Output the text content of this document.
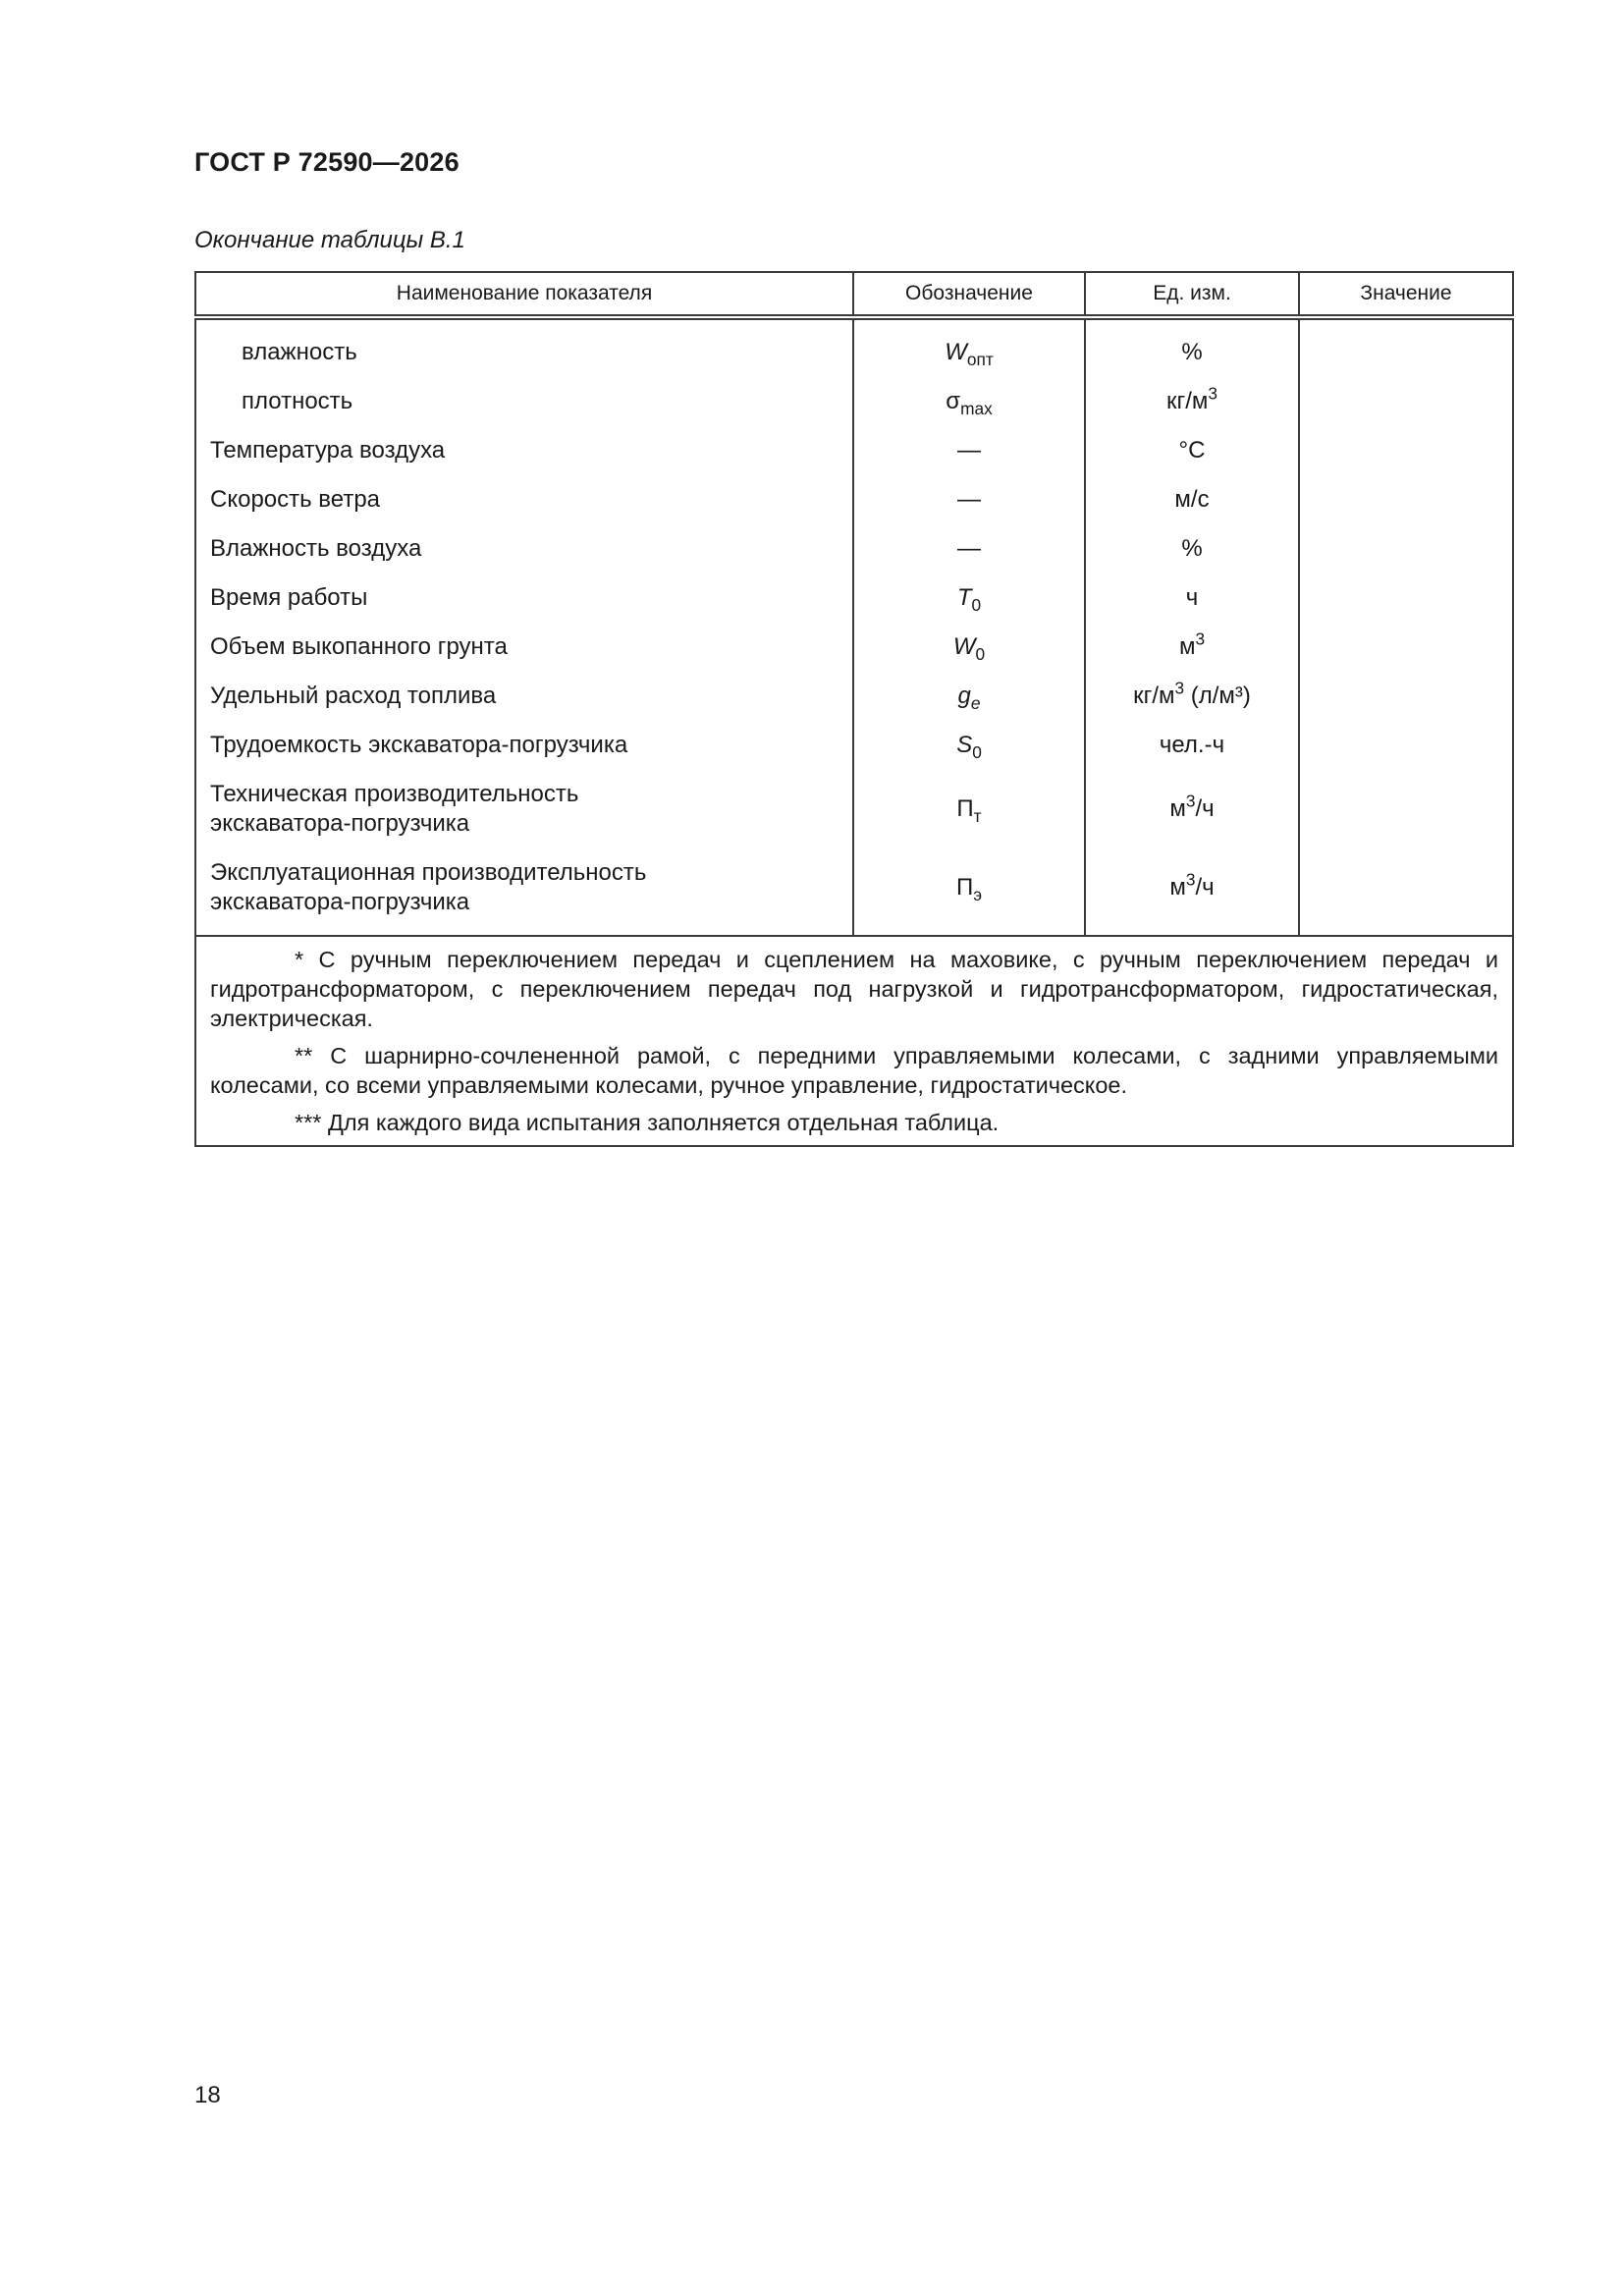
ГОСТ Р 72590—2026
Окончание таблицы В.1
Наименование показателя	Обозначение	Ед. изм.	Значение
влажность	$W_{опт}$	%	
плотность	$\sigma_{max}$	$кг/м^3$	
Температура воздуха	—	°С	
Скорость ветра	—	м/с	
Влажность воздуха	—	%	
Время работы	$T_0$	ч	
Объем выкопанного грунта	$W_0$	$м^3$	
Удельный расход топлива	$g_e$	$кг/м^3$ (л/м³)	
Трудоемкость экскаватора-погрузчика	$S_0$	чел.-ч	
Техническая производительность
экскаватора-погрузчика	$П_т$	$м^3/ч$	
Эксплуатационная производительность
экскаватора-погрузчика	$П_э$	$м^3/ч$	

* С ручным переключением передач и сцеплением на маховике, с ручным переключением передач и гидротрансформатором, с переключением передач под нагрузкой и гидротрансформатором, гидростатическая, электрическая.

** С шарнирно-сочлененной рамой, с передними управляемыми колесами, с задними управляемыми колесами, со всеми управляемыми колесами, ручное управление, гидростатическое.

*** Для каждого вида испытания заполняется отдельная таблица.			

18
